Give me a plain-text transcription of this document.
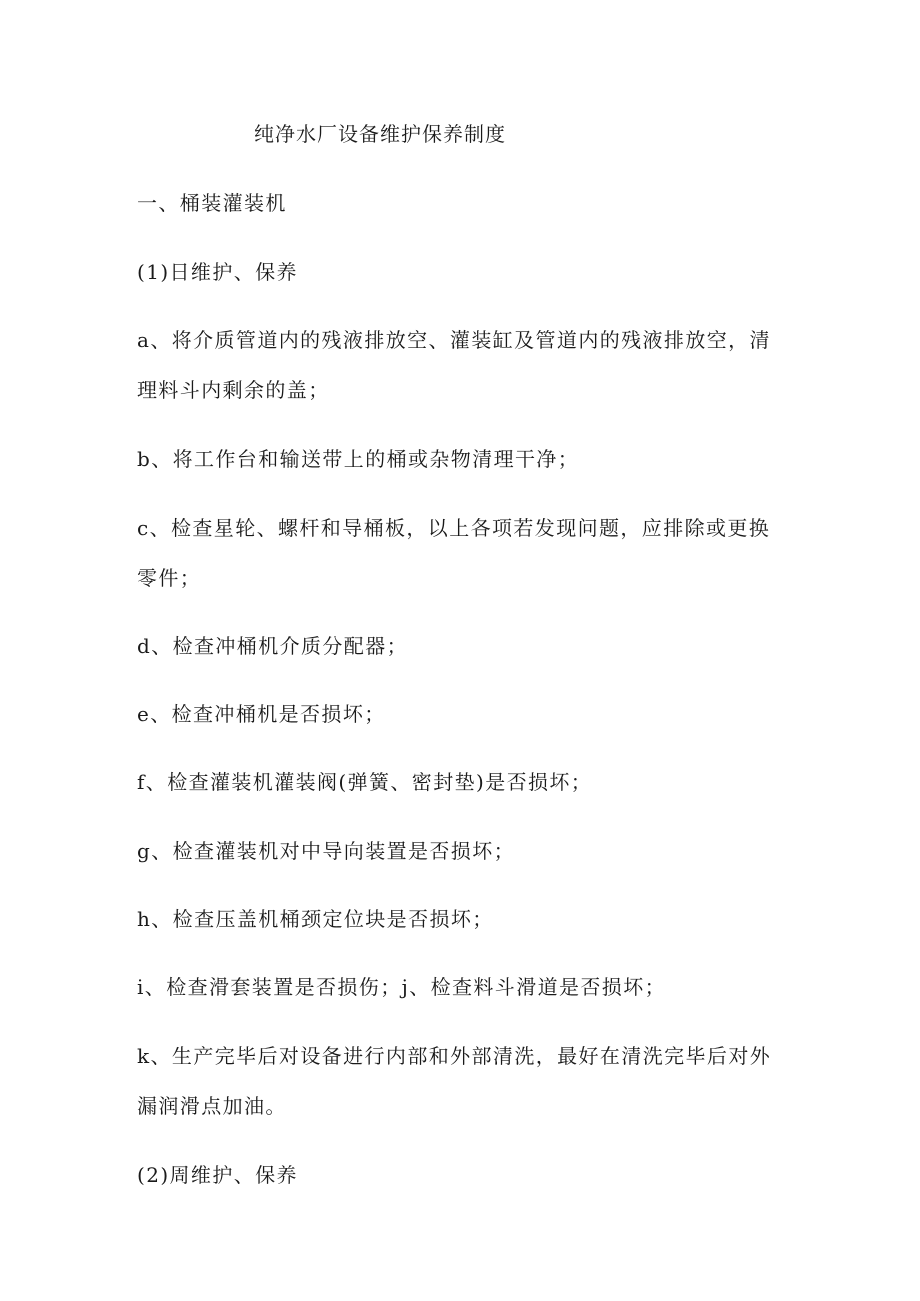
纯净水厂设备维护保养制度
一、桶装灌装机
(1)日维护、保养
a、将介质管道内的残液排放空、灌装缸及管道内的残液排放空，清
理料斗内剩余的盖；
b、将工作台和输送带上的桶或杂物清理干净；
c、检查星轮、螺杆和导桶板，以上各项若发现问题，应排除或更换
零件；
d、检查冲桶机介质分配器；
e、检查冲桶机是否损坏；
f、检查灌装机灌装阀(弹簧、密封垫)是否损坏；
g、检查灌装机对中导向装置是否损坏；
h、检查压盖机桶颈定位块是否损坏；
i、检查滑套装置是否损伤；j、检查料斗滑道是否损坏；
k、生产完毕后对设备进行内部和外部清洗，最好在清洗完毕后对外
漏润滑点加油。
(2)周维护、保养
